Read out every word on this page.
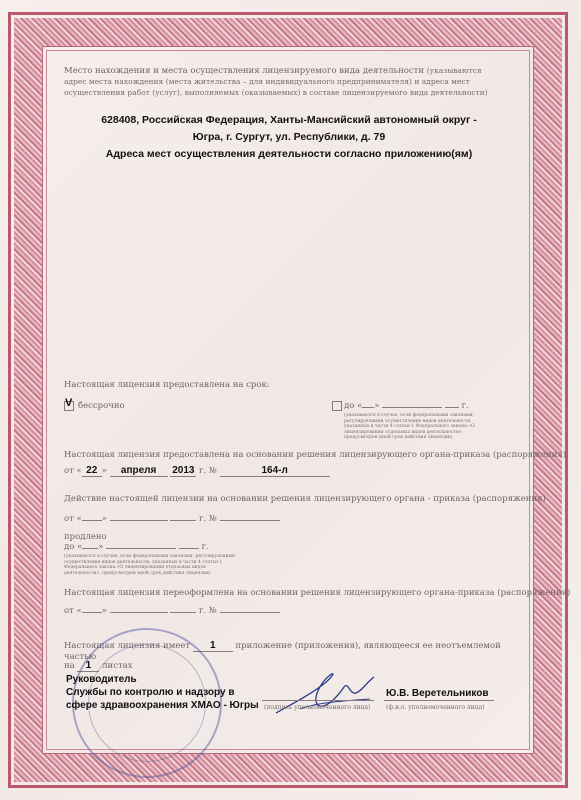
Место нахождения и места осуществления лицензируемого вида деятельности (указываются адрес места нахождения (места жительства – для индивидуального предпринимателя) и адреса мест осуществления работ (услуг), выполняемых (оказываемых) в составе лицензируемого вида деятельности)
628408, Российская Федерация, Ханты-Мансийский автономный округ -
Югра, г. Сургут, ул. Республики, д. 79
Адреса мест осуществления деятельности согласно приложению(ям)
Настоящая лицензия предоставлена на срок:
V бессрочно	до « »	г.
(указывается в случае, если федеральными законами, регулирующими осуществление видов деятельности, указанных в части 4 статьи 1 Федерального закона «О лицензировании отдельных видов деятельности», предусмотрен иной срок действия лицензии)
Настоящая лицензия предоставлена на основании решения лицензирующего органа-приказа (распоряжения)
от « 22 » апреля 2013 г. №	164-л
Действие настоящей лицензии на основании решения лицензирующего органа - приказа (распоряжения)
от « »	г. №
продлено
до « »	г.
(указывается в случае, если федеральными законами, регулирующими осуществление видов деятельности, указанных в части 4 статьи 1 Федерального закона «О лицензировании отдельных видов деятельности», предусмотрен иной срок действия лицензии)
Настоящая лицензия переоформлена на основании решения лицензирующего органа-приказа (распоряжения)
от « »	г. №
Настоящая лицензия имеет 1 приложение (приложения), являющееся ее неотъемлемой частью
на 1 листах
Руководитель
Службы по контролю и надзору в
сфере здравоохранения ХМАО - Югры (подпись уполномоченного лица)
Ю.В. Веретельников
(ф.и.о. уполномоченного лица)
